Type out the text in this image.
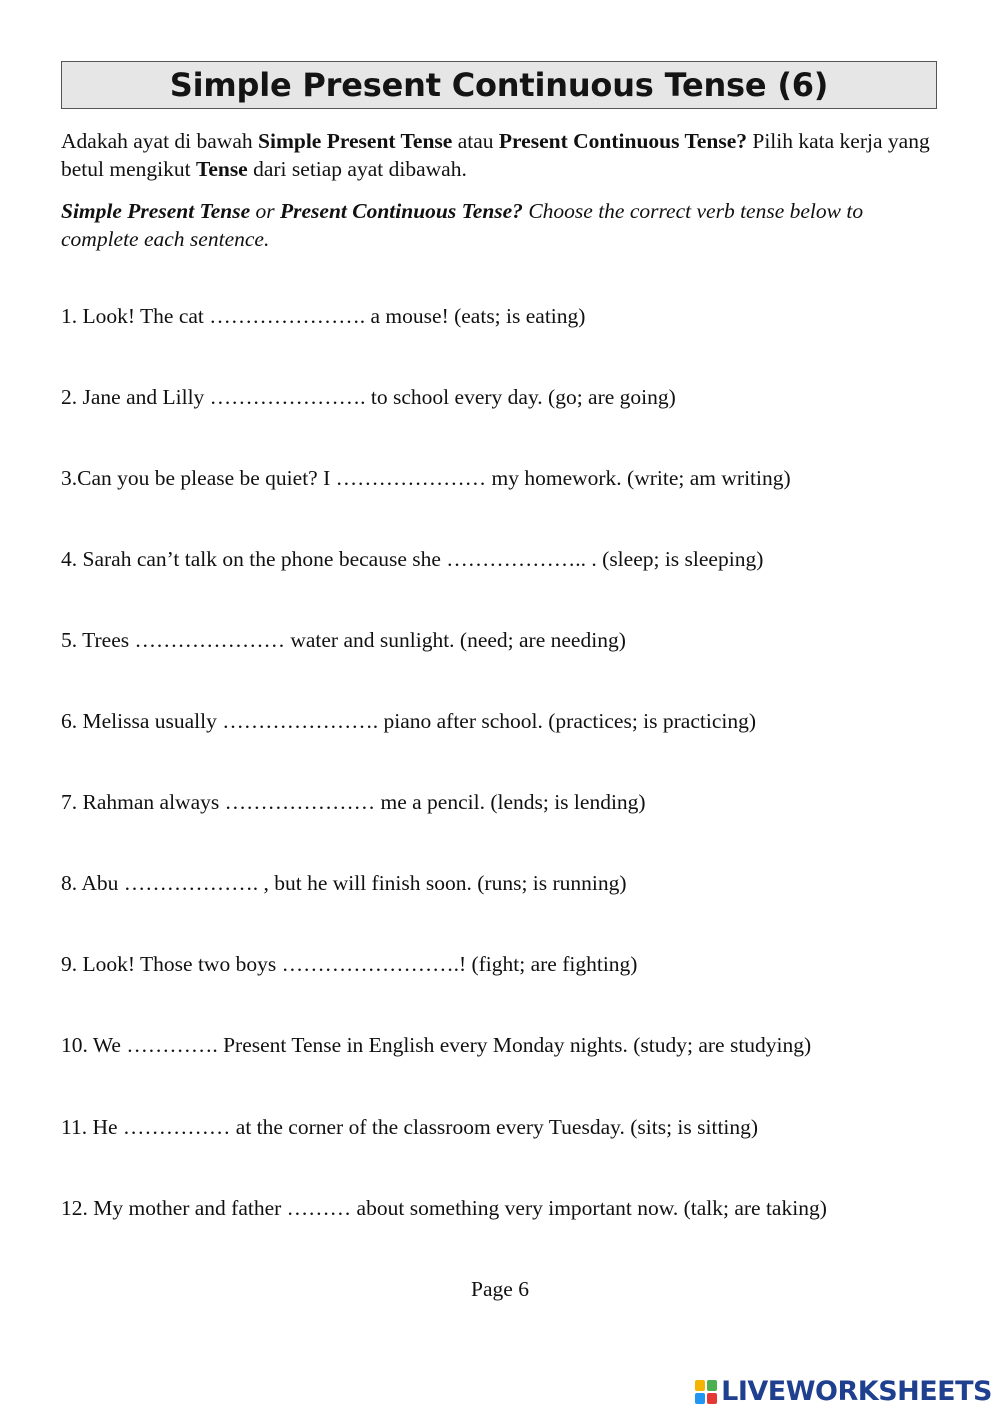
Simple Present Continuous Tense (6)
Adakah ayat di bawah Simple Present Tense atau Present Continuous Tense? Pilih kata kerja yang betul mengikut Tense dari setiap ayat dibawah.
Simple Present Tense or Present Continuous Tense? Choose the correct verb tense below to complete each sentence.
1. Look! The cat …………………. a mouse! (eats; is eating)
2. Jane and Lilly …………………. to school every day. (go; are going)
3.Can you be please be quiet? I ………………… my homework. (write; am writing)
4. Sarah can’t talk on the phone because she ……………….. . (sleep; is sleeping)
5. Trees ………………… water and sunlight. (need; are needing)
6. Melissa usually …………………. piano after school. (practices; is practicing)
7. Rahman always ………………… me a pencil. (lends; is lending)
8. Abu ………………. , but he will finish soon. (runs; is running)
9. Look! Those two boys …………………….! (fight; are fighting)
10. We …………. Present Tense in English every Monday nights. (study; are studying)
11. He …………… at the corner of the classroom every Tuesday. (sits; is sitting)
12. My mother and father ……… about something very important now. (talk; are taking)
Page 6
LIVEWORKSHEETS
